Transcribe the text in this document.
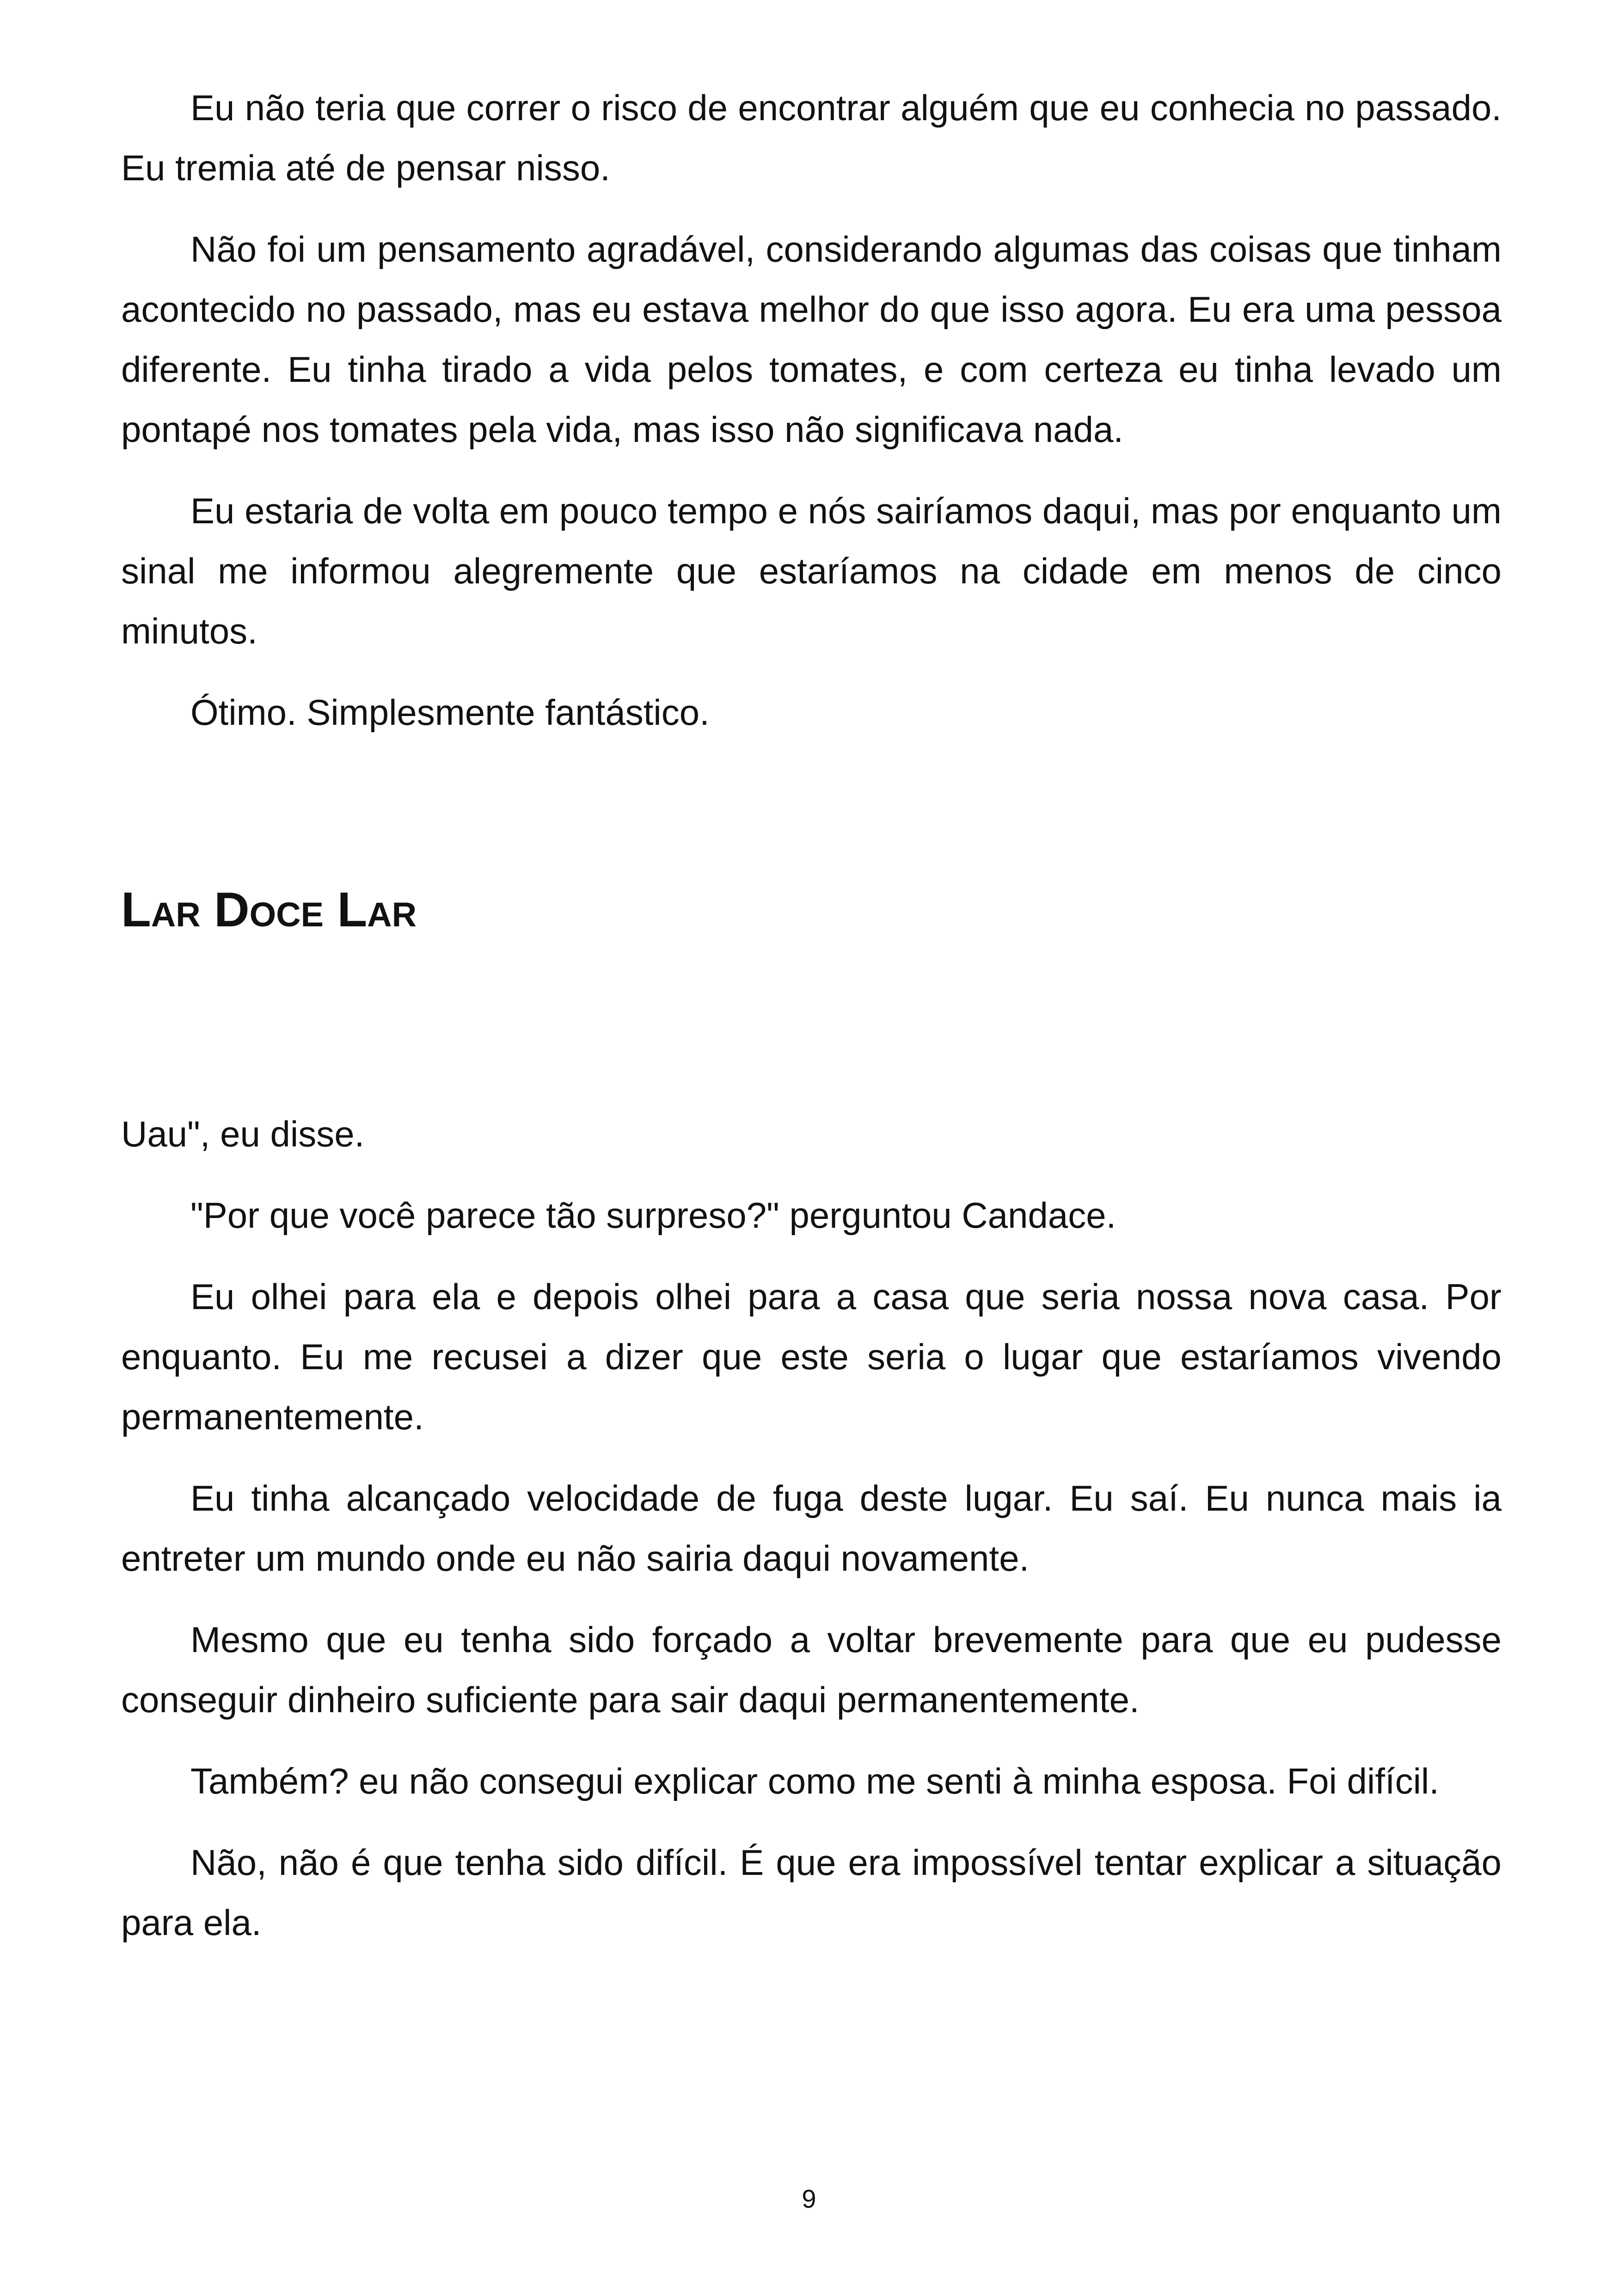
Eu não teria que correr o risco de encontrar alguém que eu conhecia no passado. Eu tremia até de pensar nisso.

Não foi um pensamento agradável, considerando algumas das coisas que tinham acontecido no passado, mas eu estava melhor do que isso agora. Eu era uma pessoa diferente. Eu tinha tirado a vida pelos tomates, e com certeza eu tinha levado um pontapé nos tomates pela vida, mas isso não significava nada.

Eu estaria de volta em pouco tempo e nós sairíamos daqui, mas por enquanto um sinal me informou alegremente que estaríamos na cidade em menos de cinco minutos.

Ótimo. Simplesmente fantástico.

Lar Doce Lar

Uau", eu disse.

"Por que você parece tão surpreso?" perguntou Candace.

Eu olhei para ela e depois olhei para a casa que seria nossa nova casa. Por enquanto. Eu me recusei a dizer que este seria o lugar que estaríamos vivendo permanentemente.

Eu tinha alcançado velocidade de fuga deste lugar. Eu saí. Eu nunca mais ia entreter um mundo onde eu não sairia daqui novamente.

Mesmo que eu tenha sido forçado a voltar brevemente para que eu pudesse conseguir dinheiro suficiente para sair daqui permanentemente.

Também? eu não consegui explicar como me senti à minha esposa. Foi difícil.

Não, não é que tenha sido difícil. É que era impossível tentar explicar a situação para ela.

9
